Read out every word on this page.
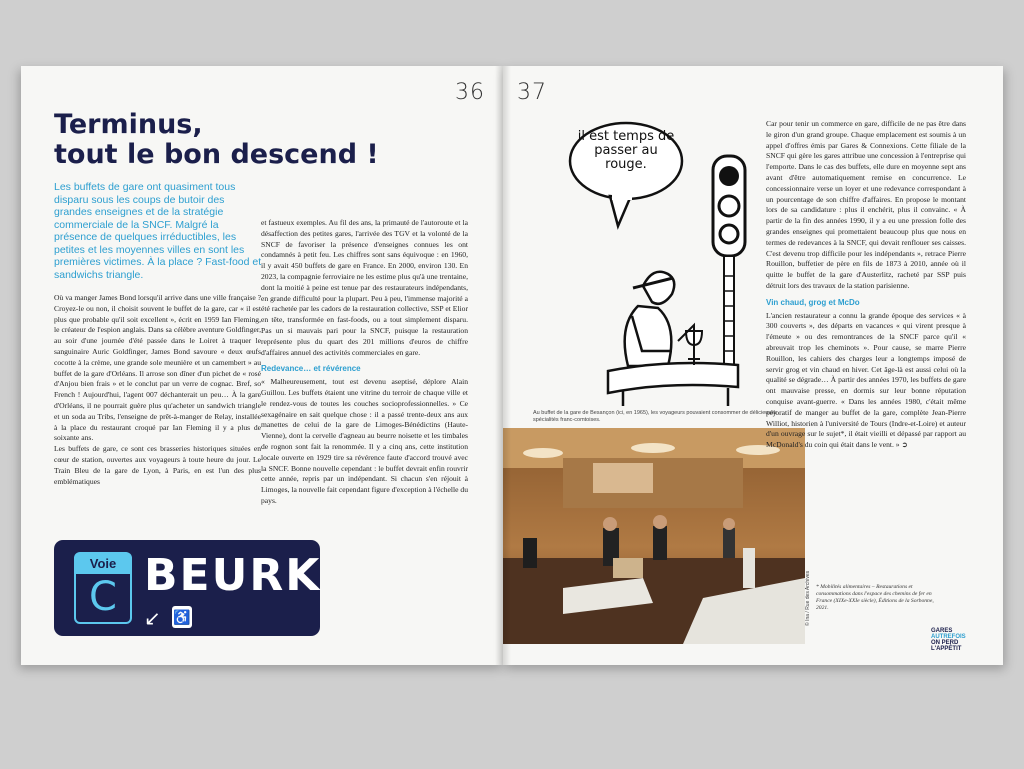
36
Terminus,
tout le bon descend !
Les buffets de gare ont quasiment tous disparu sous les coups de butoir des grandes enseignes et de la stratégie commerciale de la SNCF. Malgré la présence de quelques irréductibles, les petites et les moyennes villes en sont les premières victimes. À la place ? Fast-food et sandwichs triangle.
Où va manger James Bond lorsqu'il arrive dans une ville française ? Croyez-le ou non, il choisit souvent le buffet de la gare, car « il est plus que probable qu'il soit excellent », écrit en 1959 Ian Fleming, le créateur de l'espion anglais. Dans sa célèbre aventure Goldfinger, au soir d'une journée d'été passée dans le Loiret à traquer le sanguinaire Auric Goldfinger, James Bond savoure « deux œufs cocotte à la crème, une grande sole meunière et un camembert » au buffet de la gare d'Orléans. Il arrose son dîner d'un pichet de « rosé d'Anjou bien frais » et le conclut par un verre de cognac. Bref, so French ! Aujourd'hui, l'agent 007 déchanterait un peu… À la gare d'Orléans, il ne pourrait guère plus qu'acheter un sandwich triangle et un soda au Tribs, l'enseigne de prêt-à-manger de Relay, installée à la place du restaurant croqué par Ian Fleming il y a plus de soixante ans.
Les buffets de gare, ce sont ces brasseries historiques situées en cœur de station, ouvertes aux voyageurs à toute heure du jour. Le Train Bleu de la gare de Lyon, à Paris, en est l'un des plus emblématiques

et fastueux exemples. Au fil des ans, la primauté de l'autoroute et la désaffection des petites gares, l'arrivée des TGV et la volonté de la SNCF de favoriser la présence d'enseignes connues les ont condamnés à petit feu. Les chiffres sont sans équivoque : en 1960, il y avait 450 buffets de gare en France. En 2000, environ 130. En 2023, la compagnie ferroviaire ne les estime plus qu'à une trentaine, dont la moitié à peine est tenue par des restaurateurs indépendants, en grande difficulté pour la plupart. Peu à peu, l'immense majorité a été rachetée par les cadors de la restauration collective, SSP et Elior en tête, transformée en fast-foods, ou a tout simplement disparu. Pas un si mauvais pari pour la SNCF, puisque la restauration représente plus du quart des 201 millions d'euros de chiffre d'affaires annuel des activités commerciales en gare.

Redevance… et révérence

« Malheureusement, tout est devenu aseptisé, déplore Alain Guillou. Les buffets étaient une vitrine du terroir de chaque ville et le rendez-vous de toutes les couches socioprofessionnelles. » Ce sexagénaire en sait quelque chose : il a passé trente-deux ans aux manettes de celui de la gare de Limoges-Bénédictins (Haute-Vienne), dont la cervelle d'agneau au beurre noisette et les timbales de rognon sont fait la renommée. Il y a cinq ans, cette institution locale ouverte en 1929 tire sa révérence faute d'accord trouvé avec la SNCF. Bonne nouvelle cependant : le buffet devrait enfin rouvrir cette année, repris par un indépendant. Si chacun s'en réjouit à Limoges, la nouvelle fait cependant figure d'exception à l'échelle du pays.

Voie
C BEURK
↙ ♿
37
il est temps de passer au rouge.
Au buffet de la gare de Besançon (ici, en 1965), les voyageurs pouvaient consommer de délicieuses spécialités franc-comtoises.
© Ina / Rue des Archives

Car pour tenir un commerce en gare, difficile de ne pas être dans le giron d'un grand groupe. Chaque emplacement est soumis à un appel d'offres émis par Gares & Connexions. Cette filiale de la SNCF qui gère les gares attribue une concession à l'entreprise qui l'emporte. Dans le cas des buffets, elle dure en moyenne sept ans avant d'être automatiquement remise en concurrence. Le concessionnaire verse un loyer et une redevance correspondant à un pourcentage de son chiffre d'affaires. En propose le montant lors de sa candidature : plus il enchérit, plus il convainc. « À partir de la fin des années 1990, il y a eu une pression folle des grandes enseignes qui promettaient beaucoup plus que nous en termes de redevances à la SNCF, qui devait renflouer ses caisses. C'est devenu trop difficile pour les indépendants », retrace Pierre Rouillon, buffetier de père en fils de 1873 à 2010, année où il quitte le buffet de la gare d'Austerlitz, racheté par SSP puis détruit lors des travaux de la station parisienne.

Vin chaud, grog et McDo

L'ancien restaurateur a connu la grande époque des services « à 300 couverts », des départs en vacances « qui virent presque à l'émeute » ou des remontrances de la SNCF parce qu'il « abreuvait trop les cheminots ». Pour cause, se marre Pierre Rouillon, les cahiers des charges leur a longtemps imposé de servir grog et vin chaud en hiver. Cet âge-là est aussi celui où la qualité se dégrade… À partir des années 1970, les buffets de gare ont mauvaise presse, en dormis sur leur bonne réputation conquise avant-guerre. « Dans les années 1980, c'était même péjoratif de manger au buffet de la gare, complète Jean-Pierre Williot, historien à l'université de Tours (Indre-et-Loire) et auteur d'un ouvrage sur le sujet*, il était vieilli et dépassé par rapport au McDonald's du coin qui était dans le vent. » ➲

* Mobilités alimentaires – Restaurations et consommations dans l'espace des chemins de fer en France (XIXe-XXIe siècle), Éditions de la Sorbonne, 2021.
GARES
AUTREFOIS
ON PERD
L'APPÉTIT
